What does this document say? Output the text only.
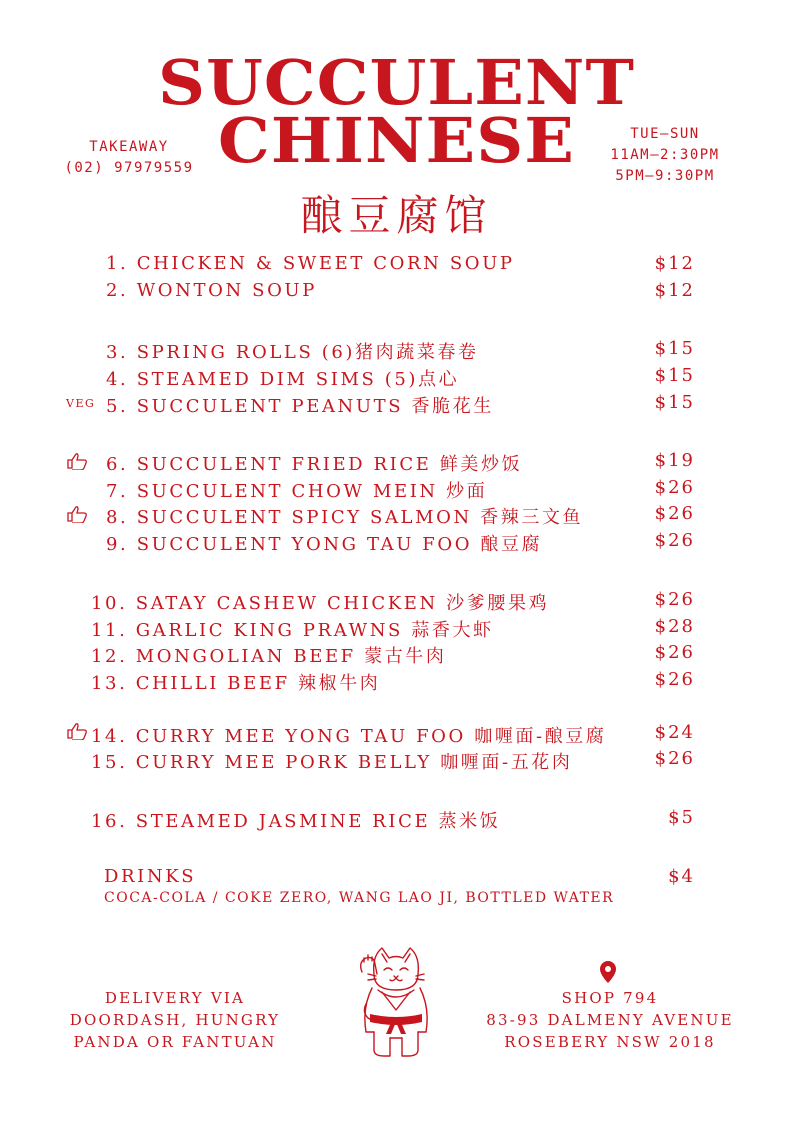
SUCCULENT
CHINESE
酿豆腐馆
TAKEAWAY
(02) 97979559
TUE—SUN
11AM—2:30PM
5PM—9:30PM
1. CHICKEN & SWEET CORN SOUP	$12
2. WONTON SOUP	$12
3. SPRING ROLLS (6)猪肉蔬菜春卷	$15
4. STEAMED DIM SIMS (5)点心	$15
VEG 5. SUCCULENT PEANUTS 香脆花生	$15
6. SUCCULENT FRIED RICE 鲜美炒饭	$19
7. SUCCULENT CHOW MEIN 炒面	$26
8. SUCCULENT SPICY SALMON 香辣三文鱼	$26
9. SUCCULENT YONG TAU FOO 酿豆腐	$26
10. SATAY CASHEW CHICKEN 沙爹腰果鸡	$26
11. GARLIC KING PRAWNS 蒜香大虾	$28
12. MONGOLIAN BEEF 蒙古牛肉	$26
13. CHILLI BEEF 辣椒牛肉	$26
14. CURRY MEE YONG TAU FOO 咖喱面-酿豆腐	$24
15. CURRY MEE PORK BELLY 咖喱面-五花肉	$26
16. STEAMED JASMINE RICE 蒸米饭	$5
DRINKS	$4
COCA-COLA / COKE ZERO, WANG LAO JI, BOTTLED WATER
DELIVERY VIA
DOORDASH, HUNGRY
PANDA OR FANTUAN
SHOP 794
83-93 DALMENY AVENUE
ROSEBERY NSW 2018
